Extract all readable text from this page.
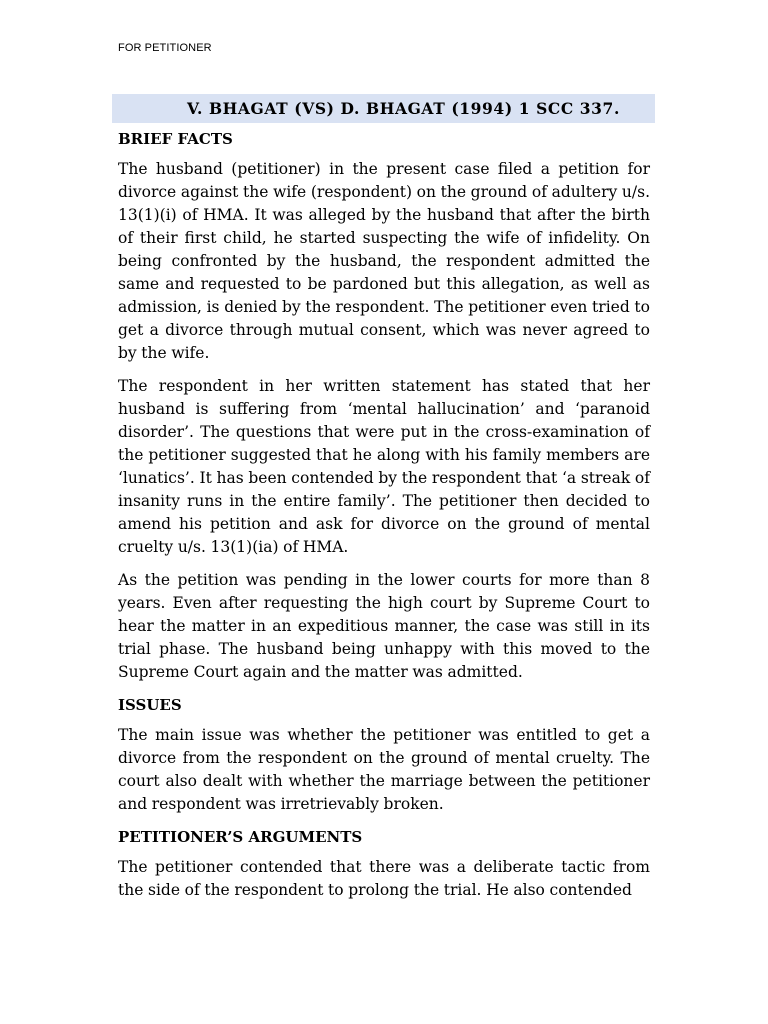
FOR PETITIONER
V. BHAGAT (VS) D. BHAGAT (1994) 1 SCC 337.
BRIEF FACTS

The husband (petitioner) in the present case filed a petition for divorce against the wife (respondent) on the ground of adultery u/s. 13(1)(i) of HMA. It was alleged by the husband that after the birth of their first child, he started suspecting the wife of infidelity. On being confronted by the husband, the respondent admitted the same and requested to be pardoned but this allegation, as well as admission, is denied by the respondent. The petitioner even tried to get a divorce through mutual consent, which was never agreed to by the wife.

The respondent in her written statement has stated that her husband is suffering from ‘mental hallucination’ and ‘paranoid disorder’. The questions that were put in the cross-examination of the petitioner suggested that he along with his family members are ‘lunatics’. It has been contended by the respondent that ‘a streak of insanity runs in the entire family’. The petitioner then decided to amend his petition and ask for divorce on the ground of mental cruelty u/s. 13(1)(ia) of HMA.

As the petition was pending in the lower courts for more than 8 years. Even after requesting the high court by Supreme Court to hear the matter in an expeditious manner, the case was still in its trial phase. The husband being unhappy with this moved to the Supreme Court again and the matter was admitted.

ISSUES

The main issue was whether the petitioner was entitled to get a divorce from the respondent on the ground of mental cruelty. The court also dealt with whether the marriage between the petitioner and respondent was irretrievably broken.

PETITIONER’S ARGUMENTS

The petitioner contended that there was a deliberate tactic from the side of the respondent to prolong the trial. He also contended
